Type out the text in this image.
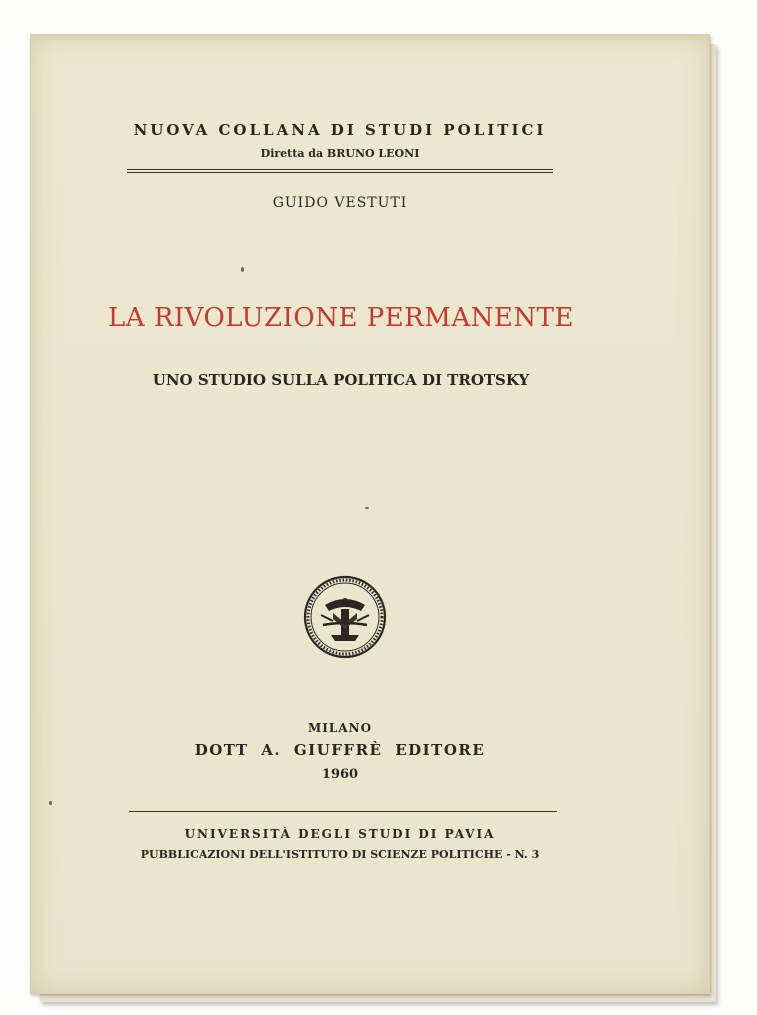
NUOVA COLLANA DI STUDI POLITICI
Diretta da BRUNO LEONI
GUIDO VESTUTI
LA RIVOLUZIONE PERMANENTE
UNO STUDIO SULLA POLITICA DI TROTSKY
MILANO
DOTT A. GIUFFRÈ EDITORE
1960
UNIVERSITÀ DEGLI STUDI DI PAVIA
PUBBLICAZIONI DELL'ISTITUTO DI SCIENZE POLITICHE - N. 3
